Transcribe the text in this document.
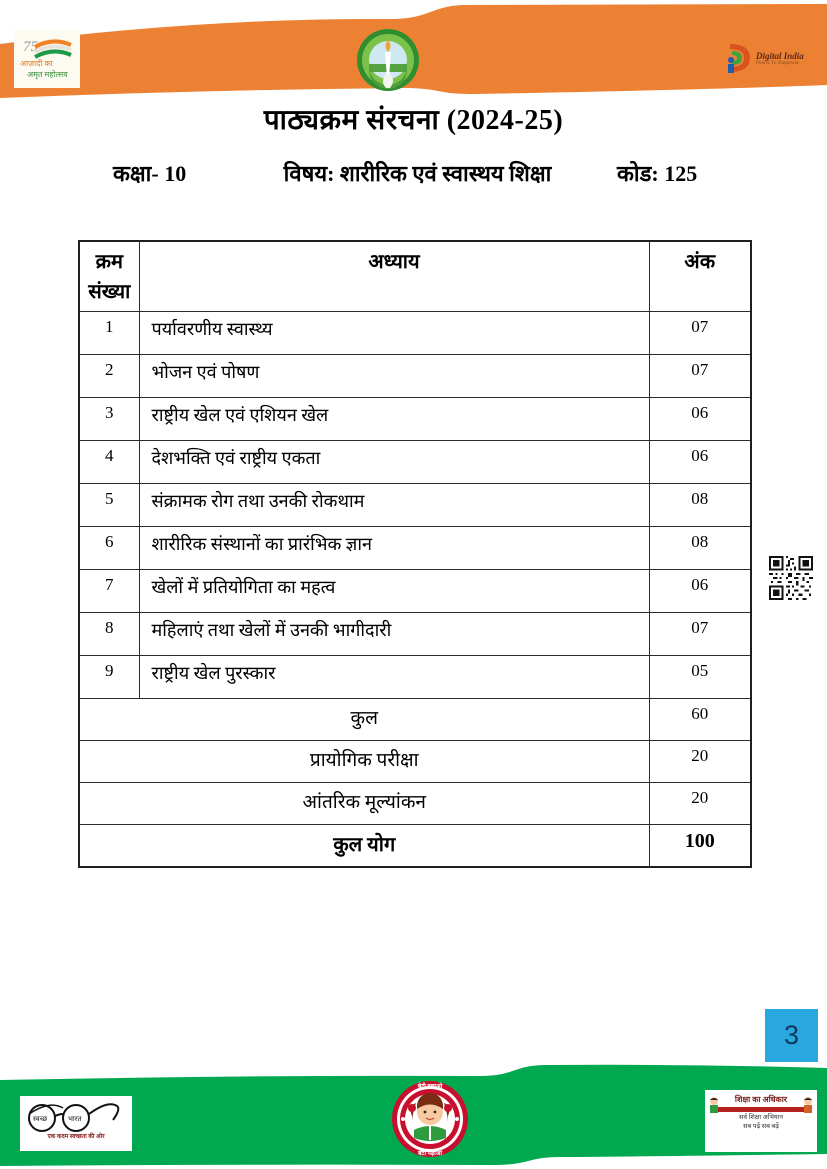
75
आज़ादी का
अमृत महोत्सव
Digital India
Power To Empower
पाठ्यक्रम संरचना (2024-25)
कक्षा- 10	विषय: शारीरिक एवं स्वास्थय शिक्षा	कोड: 125
क्रम संख्या	अध्याय	अंक
1	पर्यावरणीय स्वास्थ्य	07
2	भोजन एवं पोषण	07
3	राष्ट्रीय खेल एवं एशियन खेल	06
4	देशभक्ति एवं राष्ट्रीय एकता	06
5	संक्रामक रोग तथा उनकी रोकथाम	08
6	शारीरिक संस्थानों का प्रारंभिक ज्ञान	08
7	खेलों में प्रतियोगिता का महत्व	06
8	महिलाएं तथा खेलों में उनकी भागीदारी	07
9	राष्ट्रीय खेल पुरस्कार	05
कुल		60
प्रायोगिक परीक्षा		20
आंतरिक मूल्यांकन		20
कुल योग		100
3
स्वच्छ	भारत
एक कदम स्वच्छता की ओर
बेटी बचाओ
बेटी पढ़ाओ
शिक्षा का अधिकार
सर्व शिक्षा अभियान
सब पढ़ें सब बढ़ें
